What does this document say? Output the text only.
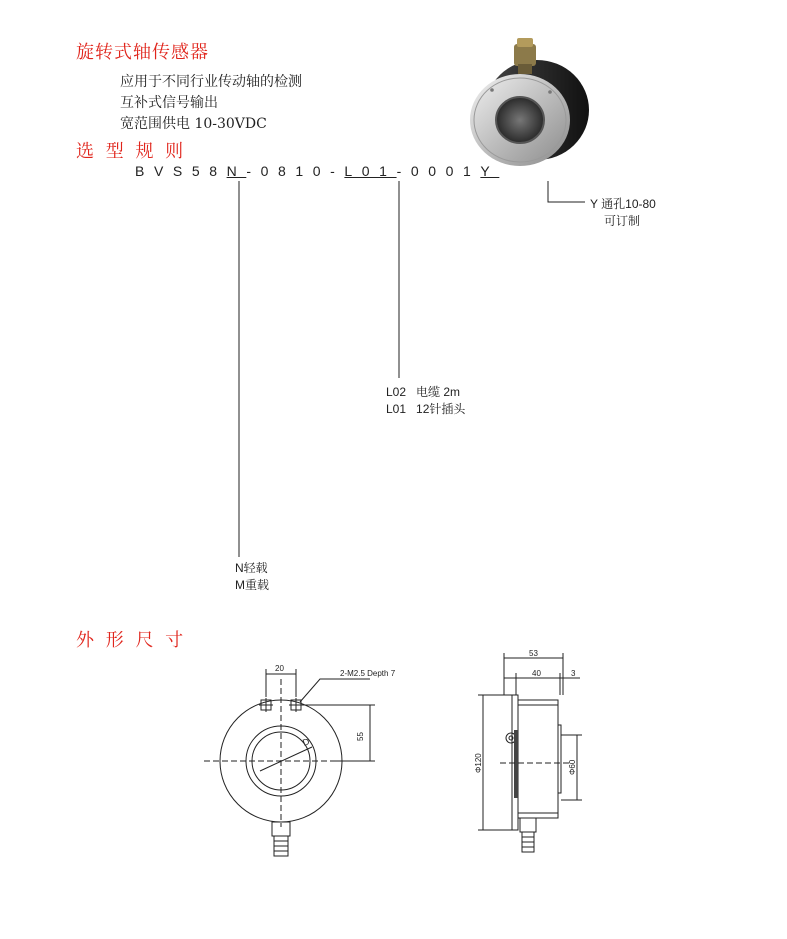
旋转式轴传感器
应用于不同行业传动轴的检测
互补式信号输出
宽范围供电 10-30VDC
选 型 规 则
BVS58N-0810-L01-0001Y
Y 通孔10-80
可订制
L02 电缆 2m
L01 12针插头
N轻载
M重载
外 形 尺 寸
20
2-M2.5 Depth 7
55
D
53
40	3
Φ120	Φ60
